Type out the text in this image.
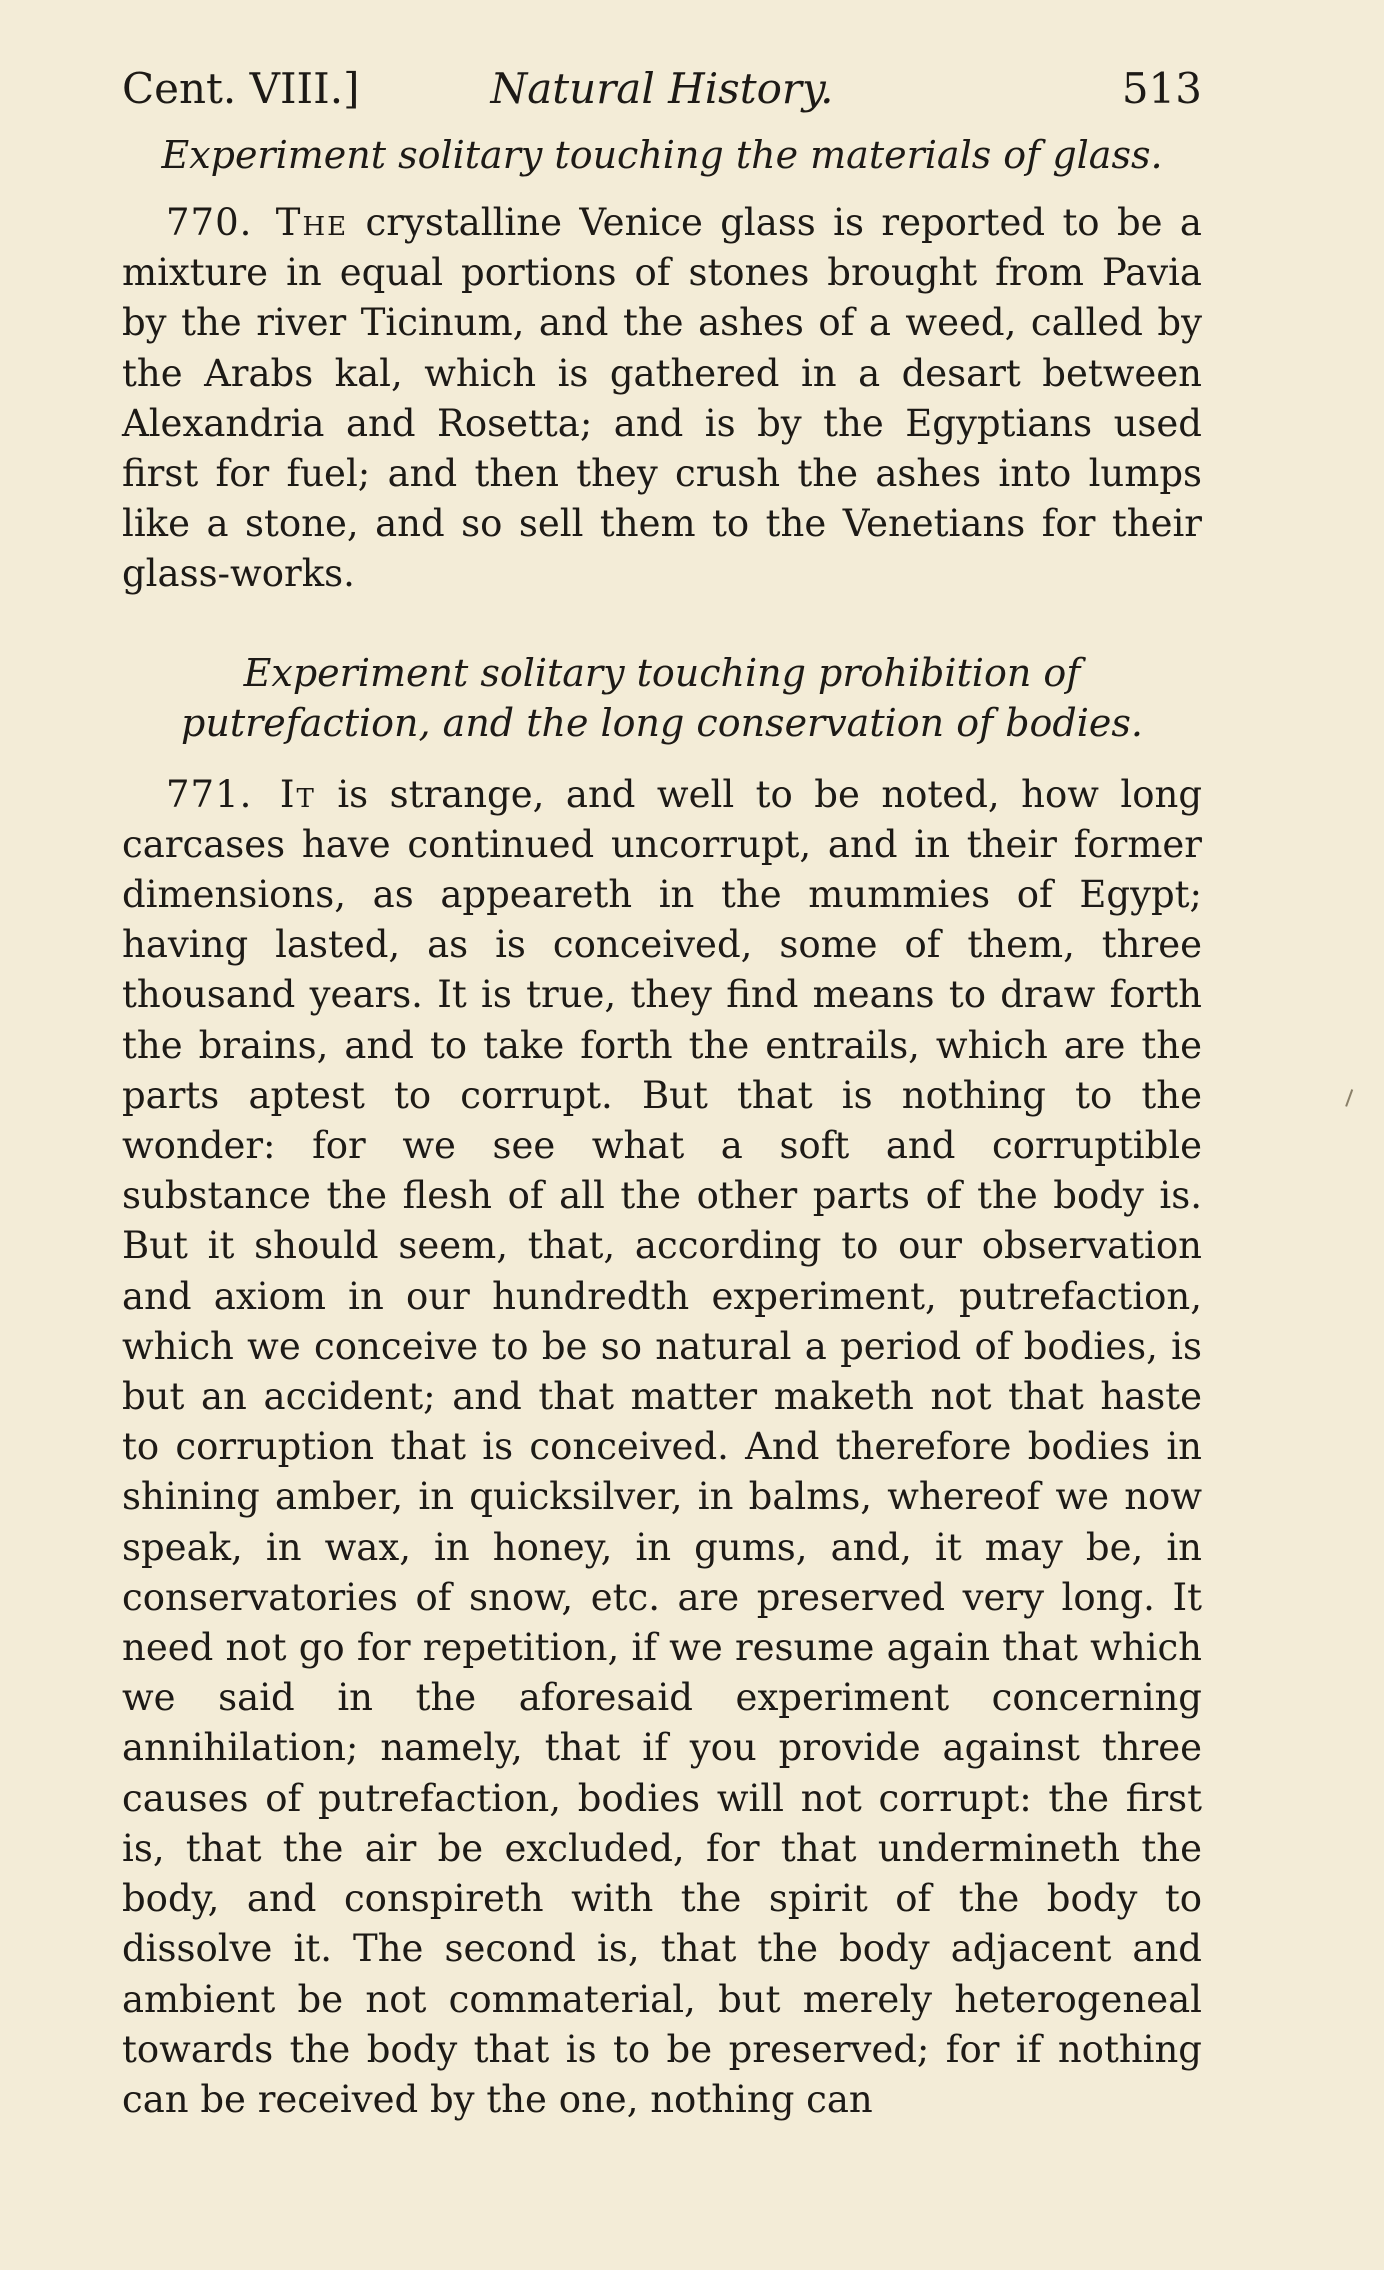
Cent. VIII.]	Natural History.	513

Experiment solitary touching the materials of glass.

770. The crystalline Venice glass is reported to be a mixture in equal portions of stones brought from Pavia by the river Ticinum, and the ashes of a weed, called by the Arabs kal, which is gathered in a desart between Alexandria and Rosetta; and is by the Egyptians used first for fuel; and then they crush the ashes into lumps like a stone, and so sell them to the Venetians for their glass-works.

Experiment solitary touching prohibition of putrefaction, and the long conservation of bodies.

771. It is strange, and well to be noted, how long carcases have continued uncorrupt, and in their former dimensions, as appeareth in the mummies of Egypt; having lasted, as is conceived, some of them, three thousand years. It is true, they find means to draw forth the brains, and to take forth the entrails, which are the parts aptest to corrupt. But that is nothing to the wonder: for we see what a soft and corruptible substance the flesh of all the other parts of the body is. But it should seem, that, according to our observation and axiom in our hundredth experiment, putrefaction, which we conceive to be so natural a period of bodies, is but an accident; and that matter maketh not that haste to corruption that is conceived. And therefore bodies in shining amber, in quicksilver, in balms, whereof we now speak, in wax, in honey, in gums, and, it may be, in conservatories of snow, etc. are preserved very long. It need not go for repetition, if we resume again that which we said in the aforesaid experiment concerning annihilation; namely, that if you provide against three causes of putrefaction, bodies will not corrupt: the first is, that the air be excluded, for that undermineth the body, and conspireth with the spirit of the body to dissolve it. The second is, that the body adjacent and ambient be not commaterial, but merely heterogeneal towards the body that is to be preserved; for if nothing can be received by the one, nothing can
